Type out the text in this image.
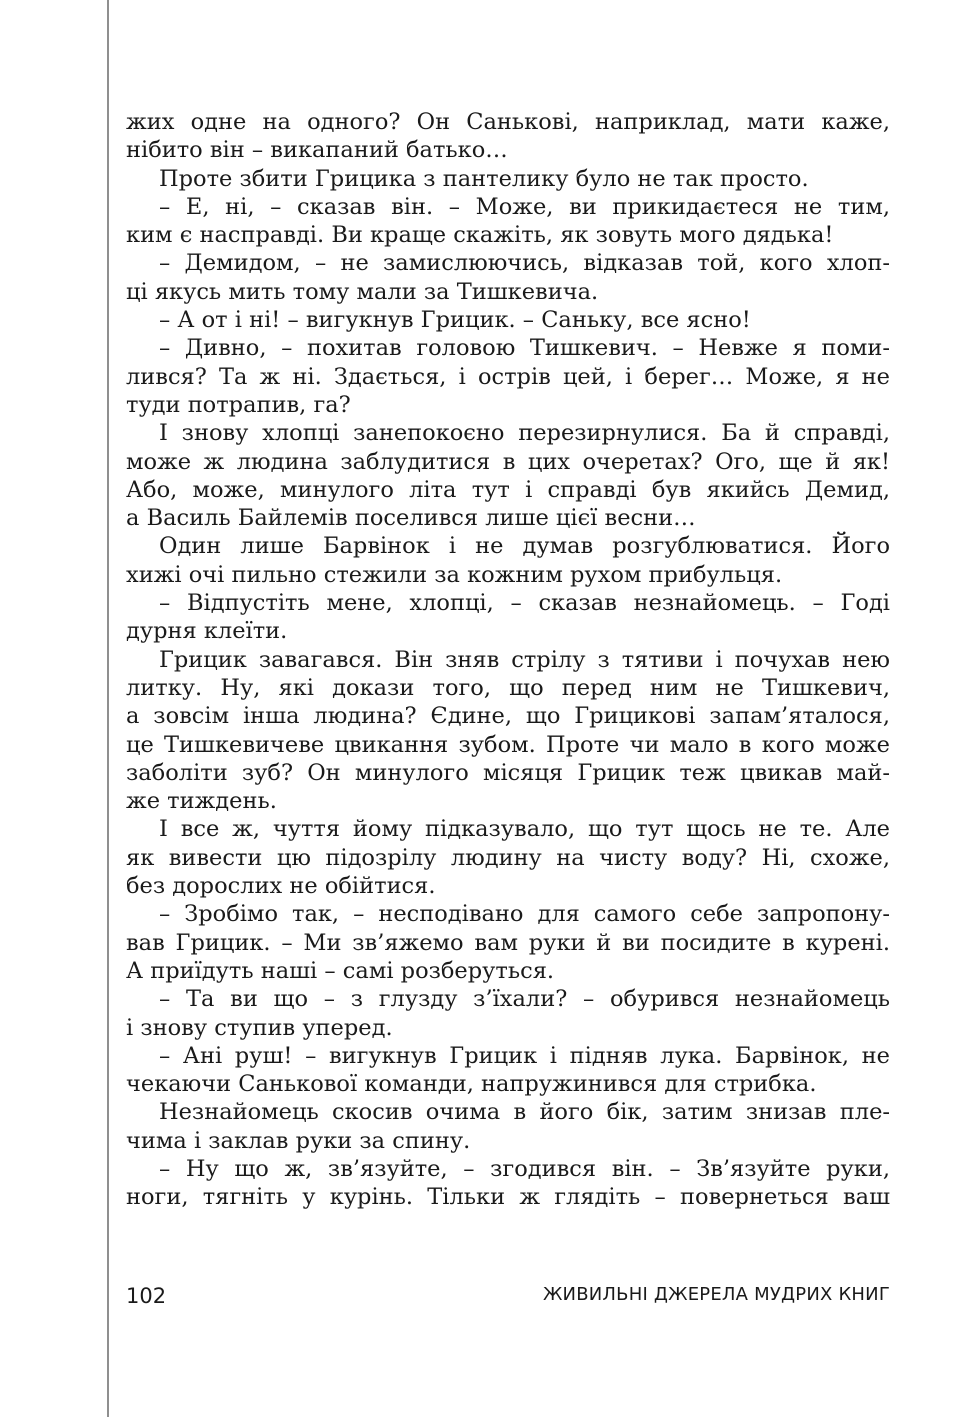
жих одне на одного? Он Саньковi, наприклад, мати каже,
нiбито вiн – викапаний батько…
Проте збити Грицика з пантелику було не так просто.
– Е, нi, – сказав вiн. – Може, ви прикидаєтеся не тим,
ким є насправдi. Ви краще скажiть, як зовуть мого дядька!
– Демидом, – не замислюючись, вiдказав той, кого хлоп-
цi якусь мить тому мали за Тишкевича.
– А от i нi! – вигукнув Грицик. – Саньку, все ясно!
– Дивно, – похитав головою Тишкевич. – Невже я поми-
лився? Та ж нi. Здається, i острiв цей, i берег… Може, я не
туди потрапив, га?
І знову хлопцi занепокоєно перезирнулися. Ба й справдi,
може ж людина заблудитися в цих очеретах? Ого, ще й як!
Або, може, минулого лiта тут i справдi був якийсь Демид,
а Василь Байлемiв поселився лише цiєї весни…
Один лише Барвiнок i не думав розгублюватися. Його
хижi очi пильно стежили за кожним рухом прибульця.
– Вiдпустiть мене, хлопцi, – сказав незнайомець. – Годi
дурня клеїти.
Грицик завагався. Вiн зняв стрiлу з тятиви i почухав нею
литку. Ну, якi докази того, що перед ним не Тишкевич,
а зовсiм iнша людина? Єдине, що Грициковi запам’яталося,
це Тишкевичеве цвикання зубом. Проте чи мало в кого може
заболiти зуб? Он минулого мiсяця Грицик теж цвикав май-
же тиждень.
І все ж, чуття йому пiдказувало, що тут щось не те. Але
як вивести цю пiдозрiлу людину на чисту воду? Нi, схоже,
без дорослих не обiйтися.
– Зробiмо так, – несподiвано для самого себе запропону-
вав Грицик. – Ми зв’яжемо вам руки й ви посидите в куренi.
А приїдуть нашi – самi розберуться.
– Та ви що – з глузду з’їхали? – обурився незнайомець
i знову ступив уперед.
– Анi руш! – вигукнув Грицик i пiдняв лука. Барвiнок, не
чекаючи Санькової команди, напружинився для стрибка.
Незнайомець скосив очима в його бiк, затим знизав пле-
чима i заклав руки за спину.
– Ну що ж, зв’язуйте, – згодився вiн. – Зв’язуйте руки,
ноги, тягнiть у курiнь. Тiльки ж глядiть – повернеться ваш
102	ЖИВИЛЬНІ ДЖЕРЕЛА МУДРИХ КНИГ
